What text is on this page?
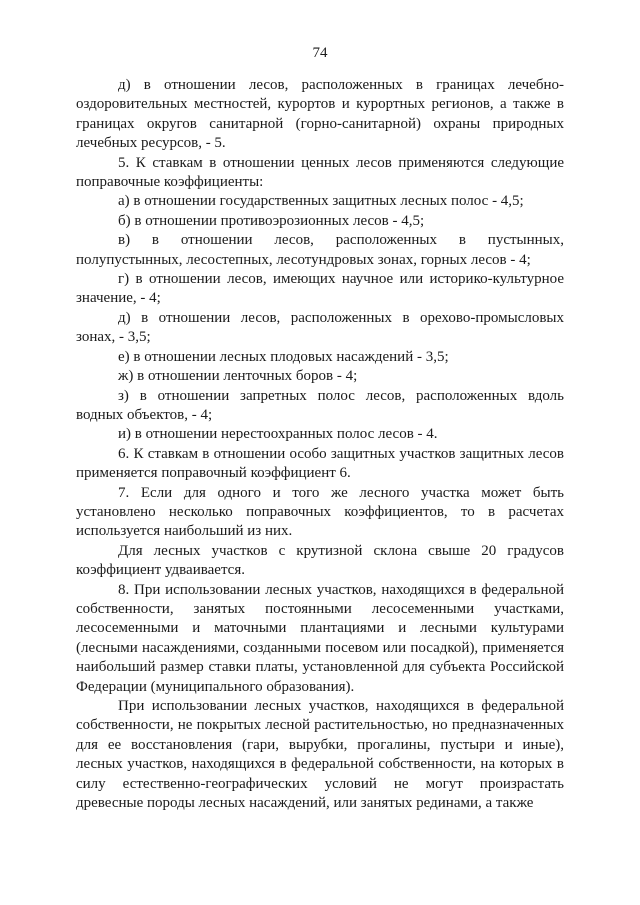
74

д) в отношении лесов, расположенных в границах лечебно-оздоровительных местностей, курортов и курортных регионов, а также в границах округов санитарной (горно-санитарной) охраны природных лечебных ресурсов, - 5.

5. К ставкам в отношении ценных лесов применяются следующие поправочные коэффициенты:

а) в отношении государственных защитных лесных полос - 4,5;

б) в отношении противоэрозионных лесов - 4,5;

в) в отношении лесов, расположенных в пустынных, полупустынных, лесостепных, лесотундровых зонах, горных лесов - 4;

г) в отношении лесов, имеющих научное или историко-культурное значение, - 4;

д) в отношении лесов, расположенных в орехово-промысловых зонах, - 3,5;

е) в отношении лесных плодовых насаждений - 3,5;

ж) в отношении ленточных боров - 4;

з) в отношении запретных полос лесов, расположенных вдоль водных объектов, - 4;

и) в отношении нерестоохранных полос лесов - 4.

6. К ставкам в отношении особо защитных участков защитных лесов применяется поправочный коэффициент 6.

7. Если для одного и того же лесного участка может быть установлено несколько поправочных коэффициентов, то в расчетах используется наибольший из них.

Для лесных участков с крутизной склона свыше 20 градусов коэффициент удваивается.

8. При использовании лесных участков, находящихся в федеральной собственности, занятых постоянными лесосеменными участками, лесосеменными и маточными плантациями и лесными культурами (лесными насаждениями, созданными посевом или посадкой), применяется наибольший размер ставки платы, установленной для субъекта Российской Федерации (муниципального образования).

При использовании лесных участков, находящихся в федеральной собственности, не покрытых лесной растительностью, но предназначенных для ее восстановления (гари, вырубки, прогалины, пустыри и иные), лесных участков, находящихся в федеральной собственности, на которых в силу естественно-географических условий не могут произрастать древесные породы лесных насаждений, или занятых рединами, а также
